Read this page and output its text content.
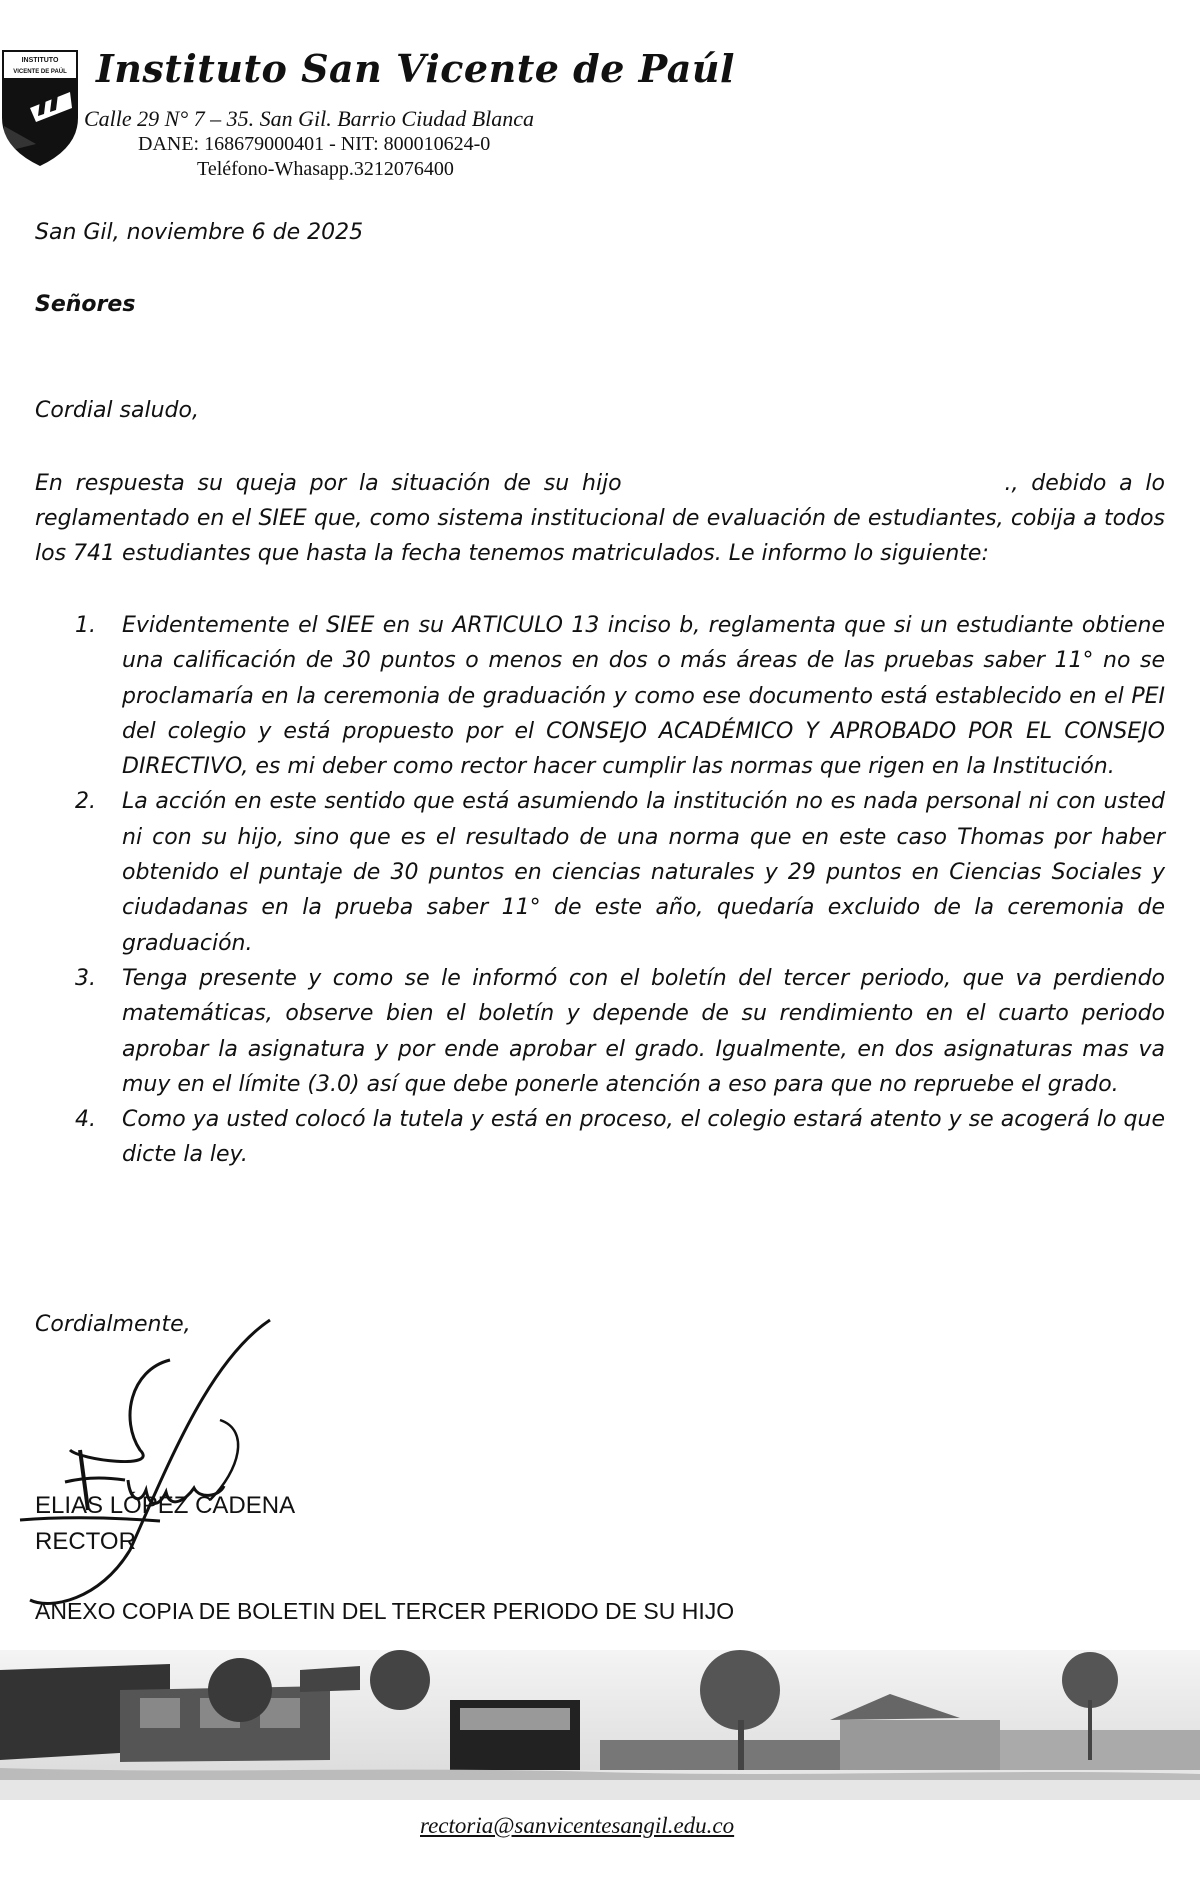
INSTITUTO
VICENTE DE PAÚL Instituto San Vicente de Paúl
Calle 29 N° 7 – 35. San Gil. Barrio Ciudad Blanca
DANE: 168679000401 - NIT: 800010624-0
Teléfono-Whasapp.3212076400
San Gil, noviembre 6 de 2025
Señores
Cordial saludo,
En respuesta su queja por la situación de su hijo	., debido a lo reglamentado en el SIEE que, como sistema institucional de evaluación de estudiantes, cobija a todos los 741 estudiantes que hasta la fecha tenemos matriculados. Le informo lo siguiente:
1. Evidentemente el SIEE en su ARTICULO 13 inciso b, reglamenta que si un estudiante obtiene una calificación de 30 puntos o menos en dos o más áreas de las pruebas saber 11° no se proclamaría en la ceremonia de graduación y como ese documento está establecido en el PEI del colegio y está propuesto por el CONSEJO ACADÉMICO Y APROBADO POR EL CONSEJO DIRECTIVO, es mi deber como rector hacer cumplir las normas que rigen en la Institución.
2. La acción en este sentido que está asumiendo la institución no es nada personal ni con usted ni con su hijo, sino que es el resultado de una norma que en este caso Thomas por haber obtenido el puntaje de 30 puntos en ciencias naturales y 29 puntos en Ciencias Sociales y ciudadanas en la prueba saber 11° de este año, quedaría excluido de la ceremonia de graduación.
3. Tenga presente y como se le informó con el boletín del tercer periodo, que va perdiendo matemáticas, observe bien el boletín y depende de su rendimiento en el cuarto periodo aprobar la asignatura y por ende aprobar el grado. Igualmente, en dos asignaturas mas va muy en el límite (3.0) así que debe ponerle atención a eso para que no repruebe el grado.
4. Como ya usted colocó la tutela y está en proceso, el colegio estará atento y se acogerá lo que dicte la ley.
Cordialmente,
ELIAS LÓPEZ CADENA
RECTOR
ANEXO COPIA DE BOLETIN DEL TERCER PERIODO DE SU HIJO
rectoria@sanvicentesangil.edu.co
